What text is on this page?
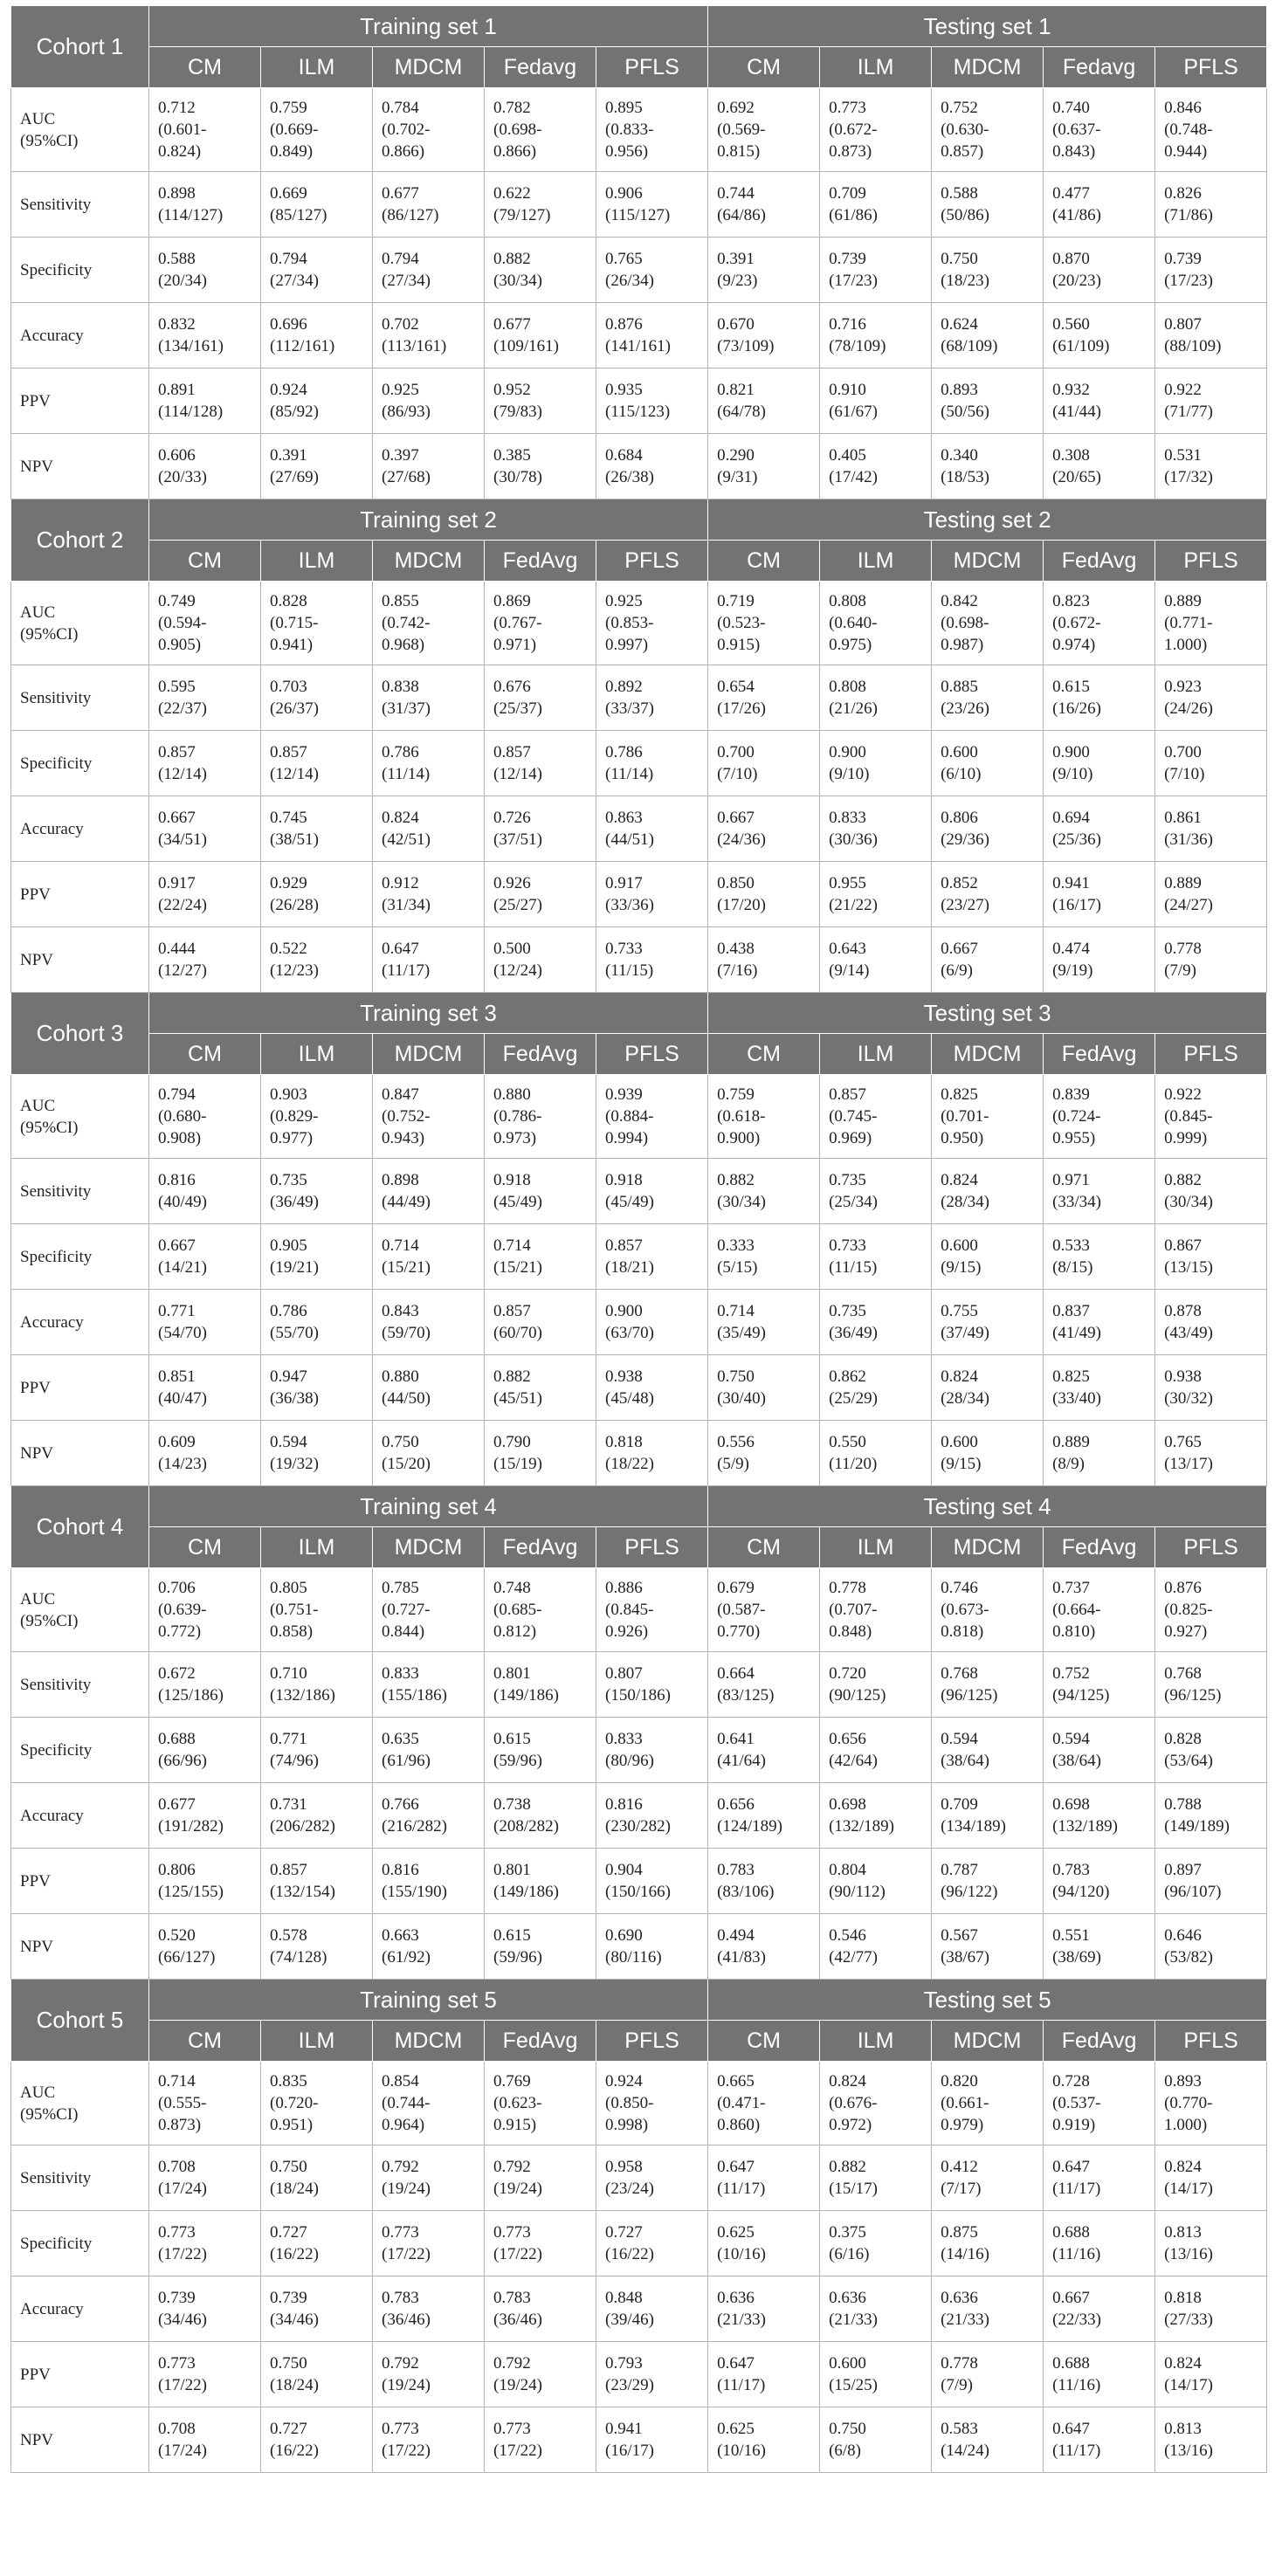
Cohort 1	Training set 1					Testing set 1				
	CM	ILM	MDCM	Fedavg	PFLS	CM	ILM	MDCM	Fedavg	PFLS

AUC
(95%CI)	0.712
(0.601-
0.824)	0.759
(0.669-
0.849)	0.784
(0.702-
0.866)	0.782
(0.698-
0.866)	0.895
(0.833-
0.956)	0.692
(0.569-
0.815)	0.773
(0.672-
0.873)	0.752
(0.630-
0.857)	0.740
(0.637-
0.843)	0.846
(0.748-
0.944)

Sensitivity	0.898
(114/127)	0.669
(85/127)	0.677
(86/127)	0.622
(79/127)	0.906
(115/127)	0.744
(64/86)	0.709
(61/86)	0.588
(50/86)	0.477
(41/86)	0.826
(71/86)

Specificity	0.588
(20/34)	0.794
(27/34)	0.794
(27/34)	0.882
(30/34)	0.765
(26/34)	0.391
(9/23)	0.739
(17/23)	0.750
(18/23)	0.870
(20/23)	0.739
(17/23)

Accuracy	0.832
(134/161)	0.696
(112/161)	0.702
(113/161)	0.677
(109/161)	0.876
(141/161)	0.670
(73/109)	0.716
(78/109)	0.624
(68/109)	0.560
(61/109)	0.807
(88/109)

PPV	0.891
(114/128)	0.924
(85/92)	0.925
(86/93)	0.952
(79/83)	0.935
(115/123)	0.821
(64/78)	0.910
(61/67)	0.893
(50/56)	0.932
(41/44)	0.922
(71/77)

NPV	0.606
(20/33)	0.391
(27/69)	0.397
(27/68)	0.385
(30/78)	0.684
(26/38)	0.290
(9/31)	0.405
(17/42)	0.340
(18/53)	0.308
(20/65)	0.531
(17/32)

Cohort 2	Training set 2					Testing set 2				
	CM	ILM	MDCM	FedAvg	PFLS	CM	ILM	MDCM	FedAvg	PFLS

AUC
(95%CI)	0.749
(0.594-
0.905)	0.828
(0.715-
0.941)	0.855
(0.742-
0.968)	0.869
(0.767-
0.971)	0.925
(0.853-
0.997)	0.719
(0.523-
0.915)	0.808
(0.640-
0.975)	0.842
(0.698-
0.987)	0.823
(0.672-
0.974)	0.889
(0.771-
1.000)

Sensitivity	0.595
(22/37)	0.703
(26/37)	0.838
(31/37)	0.676
(25/37)	0.892
(33/37)	0.654
(17/26)	0.808
(21/26)	0.885
(23/26)	0.615
(16/26)	0.923
(24/26)

Specificity	0.857
(12/14)	0.857
(12/14)	0.786
(11/14)	0.857
(12/14)	0.786
(11/14)	0.700
(7/10)	0.900
(9/10)	0.600
(6/10)	0.900
(9/10)	0.700
(7/10)

Accuracy	0.667
(34/51)	0.745
(38/51)	0.824
(42/51)	0.726
(37/51)	0.863
(44/51)	0.667
(24/36)	0.833
(30/36)	0.806
(29/36)	0.694
(25/36)	0.861
(31/36)

PPV	0.917
(22/24)	0.929
(26/28)	0.912
(31/34)	0.926
(25/27)	0.917
(33/36)	0.850
(17/20)	0.955
(21/22)	0.852
(23/27)	0.941
(16/17)	0.889
(24/27)

NPV	0.444
(12/27)	0.522
(12/23)	0.647
(11/17)	0.500
(12/24)	0.733
(11/15)	0.438
(7/16)	0.643
(9/14)	0.667
(6/9)	0.474
(9/19)	0.778
(7/9)

Cohort 3	Training set 3					Testing set 3				
	CM	ILM	MDCM	FedAvg	PFLS	CM	ILM	MDCM	FedAvg	PFLS

AUC
(95%CI)	0.794
(0.680-
0.908)	0.903
(0.829-
0.977)	0.847
(0.752-
0.943)	0.880
(0.786-
0.973)	0.939
(0.884-
0.994)	0.759
(0.618-
0.900)	0.857
(0.745-
0.969)	0.825
(0.701-
0.950)	0.839
(0.724-
0.955)	0.922
(0.845-
0.999)

Sensitivity	0.816
(40/49)	0.735
(36/49)	0.898
(44/49)	0.918
(45/49)	0.918
(45/49)	0.882
(30/34)	0.735
(25/34)	0.824
(28/34)	0.971
(33/34)	0.882
(30/34)

Specificity	0.667
(14/21)	0.905
(19/21)	0.714
(15/21)	0.714
(15/21)	0.857
(18/21)	0.333
(5/15)	0.733
(11/15)	0.600
(9/15)	0.533
(8/15)	0.867
(13/15)

Accuracy	0.771
(54/70)	0.786
(55/70)	0.843
(59/70)	0.857
(60/70)	0.900
(63/70)	0.714
(35/49)	0.735
(36/49)	0.755
(37/49)	0.837
(41/49)	0.878
(43/49)

PPV	0.851
(40/47)	0.947
(36/38)	0.880
(44/50)	0.882
(45/51)	0.938
(45/48)	0.750
(30/40)	0.862
(25/29)	0.824
(28/34)	0.825
(33/40)	0.938
(30/32)

NPV	0.609
(14/23)	0.594
(19/32)	0.750
(15/20)	0.790
(15/19)	0.818
(18/22)	0.556
(5/9)	0.550
(11/20)	0.600
(9/15)	0.889
(8/9)	0.765
(13/17)

Cohort 4	Training set 4					Testing set 4				
	CM	ILM	MDCM	FedAvg	PFLS	CM	ILM	MDCM	FedAvg	PFLS

AUC
(95%CI)	0.706
(0.639-
0.772)	0.805
(0.751-
0.858)	0.785
(0.727-
0.844)	0.748
(0.685-
0.812)	0.886
(0.845-
0.926)	0.679
(0.587-
0.770)	0.778
(0.707-
0.848)	0.746
(0.673-
0.818)	0.737
(0.664-
0.810)	0.876
(0.825-
0.927)

Sensitivity	0.672
(125/186)	0.710
(132/186)	0.833
(155/186)	0.801
(149/186)	0.807
(150/186)	0.664
(83/125)	0.720
(90/125)	0.768
(96/125)	0.752
(94/125)	0.768
(96/125)

Specificity	0.688
(66/96)	0.771
(74/96)	0.635
(61/96)	0.615
(59/96)	0.833
(80/96)	0.641
(41/64)	0.656
(42/64)	0.594
(38/64)	0.594
(38/64)	0.828
(53/64)

Accuracy	0.677
(191/282)	0.731
(206/282)	0.766
(216/282)	0.738
(208/282)	0.816
(230/282)	0.656
(124/189)	0.698
(132/189)	0.709
(134/189)	0.698
(132/189)	0.788
(149/189)

PPV	0.806
(125/155)	0.857
(132/154)	0.816
(155/190)	0.801
(149/186)	0.904
(150/166)	0.783
(83/106)	0.804
(90/112)	0.787
(96/122)	0.783
(94/120)	0.897
(96/107)

NPV	0.520
(66/127)	0.578
(74/128)	0.663
(61/92)	0.615
(59/96)	0.690
(80/116)	0.494
(41/83)	0.546
(42/77)	0.567
(38/67)	0.551
(38/69)	0.646
(53/82)

Cohort 5	Training set 5					Testing set 5				
	CM	ILM	MDCM	FedAvg	PFLS	CM	ILM	MDCM	FedAvg	PFLS

AUC
(95%CI)	0.714
(0.555-
0.873)	0.835
(0.720-
0.951)	0.854
(0.744-
0.964)	0.769
(0.623-
0.915)	0.924
(0.850-
0.998)	0.665
(0.471-
0.860)	0.824
(0.676-
0.972)	0.820
(0.661-
0.979)	0.728
(0.537-
0.919)	0.893
(0.770-
1.000)

Sensitivity	0.708
(17/24)	0.750
(18/24)	0.792
(19/24)	0.792
(19/24)	0.958
(23/24)	0.647
(11/17)	0.882
(15/17)	0.412
(7/17)	0.647
(11/17)	0.824
(14/17)

Specificity	0.773
(17/22)	0.727
(16/22)	0.773
(17/22)	0.773
(17/22)	0.727
(16/22)	0.625
(10/16)	0.375
(6/16)	0.875
(14/16)	0.688
(11/16)	0.813
(13/16)

Accuracy	0.739
(34/46)	0.739
(34/46)	0.783
(36/46)	0.783
(36/46)	0.848
(39/46)	0.636
(21/33)	0.636
(21/33)	0.636
(21/33)	0.667
(22/33)	0.818
(27/33)

PPV	0.773
(17/22)	0.750
(18/24)	0.792
(19/24)	0.792
(19/24)	0.793
(23/29)	0.647
(11/17)	0.600
(15/25)	0.778
(7/9)	0.688
(11/16)	0.824
(14/17)

NPV	0.708
(17/24)	0.727
(16/22)	0.773
(17/22)	0.773
(17/22)	0.941
(16/17)	0.625
(10/16)	0.750
(6/8)	0.583
(14/24)	0.647
(11/17)	0.813
(13/16)
